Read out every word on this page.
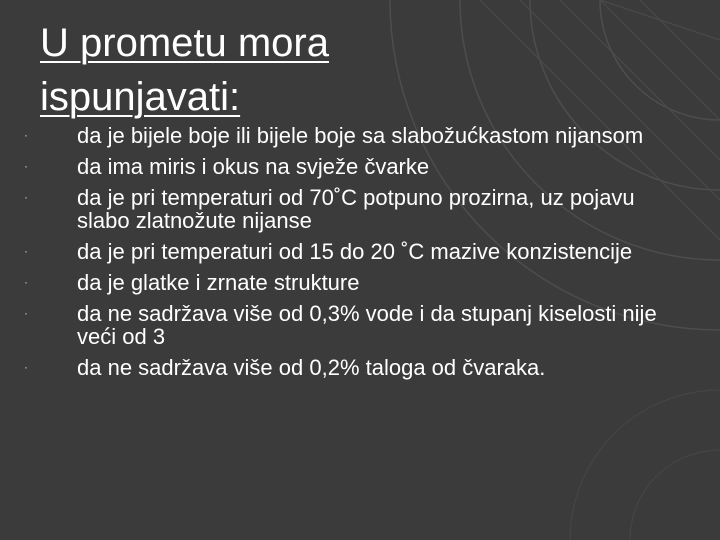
U prometu mora
ispunjavati:
·	da je bijele boje ili bijele boje sa slabožućkastom nijansom
·	da ima miris i okus na svježe čvarke
·	da je pri temperaturi od 70˚C potpuno prozirna, uz pojavu slabo zlatnožute nijanse
·	da je pri temperaturi od 15 do 20 ˚C mazive konzistencije
·	da je glatke i zrnate strukture
·	da ne sadržava više od 0,3% vode i da stupanj kiselosti nije veći od 3
·	da ne sadržava više od 0,2% taloga od čvaraka.
